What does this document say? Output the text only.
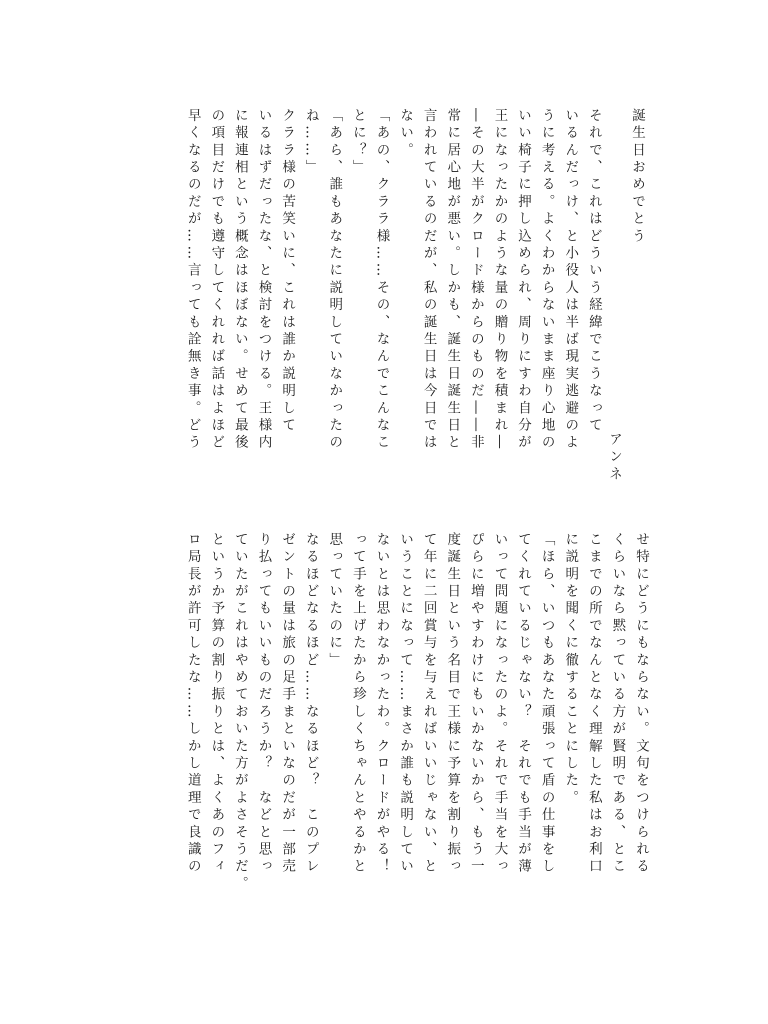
誕生日おめでとう
アンネ

それで、これはどういう経緯でこうなって
いるんだっけ、と小役人は半ば現実逃避のよ
うに考える。よくわからないまま座り心地の
いい椅子に押し込められ、周りにすわ自分が
王になったかのような量の贈り物を積まれ―
―その大半がクロード様からのものだ――非
常に居心地が悪い。しかも、誕生日誕生日と
言われているのだが、私の誕生日は今日では
ない。
「あの、クララ様……その、なんでこんなこ
とに？」
「あら、誰もあなたに説明していなかったの
ね……」
クララ様の苦笑いに、これは誰か説明して
いるはずだったな、と検討をつける。王様内
に報連相という概念はほぼない。せめて最後
の項目だけでも遵守してくれれば話はよほど
早くなるのだが……言っても詮無き事。どう
せ特にどうにもならない。文句をつけられる
くらいなら黙っている方が賢明である、とこ
こまでの所でなんとなく理解した私はお利口
に説明を聞くに徹することにした。
「ほら、いつもあなた頑張って盾の仕事をし
てくれているじゃない？　それでも手当が薄
いって問題になったのよ。それで手当を大っ
ぴらに増やすわけにもいかないから、もう一
度誕生日という名目で王様に予算を割り振っ
て年に二回賞与を与えればいいじゃない、と
いうことになって……まさか誰も説明してい
ないとは思わなかったわ。クロードがやる！
って手を上げたから珍しくちゃんとやるかと
思っていたのに」
なるほどなるほど……なるほど？　このプレ
ゼントの量は旅の足手まといなのだが一部売
り払ってもいいものだろうか？　などと思っ
ていたがこれはやめておいた方がよさそうだ。
というか予算の割り振りとは、よくあのフィ
ロ局長が許可したな……しかし道理で良識の
